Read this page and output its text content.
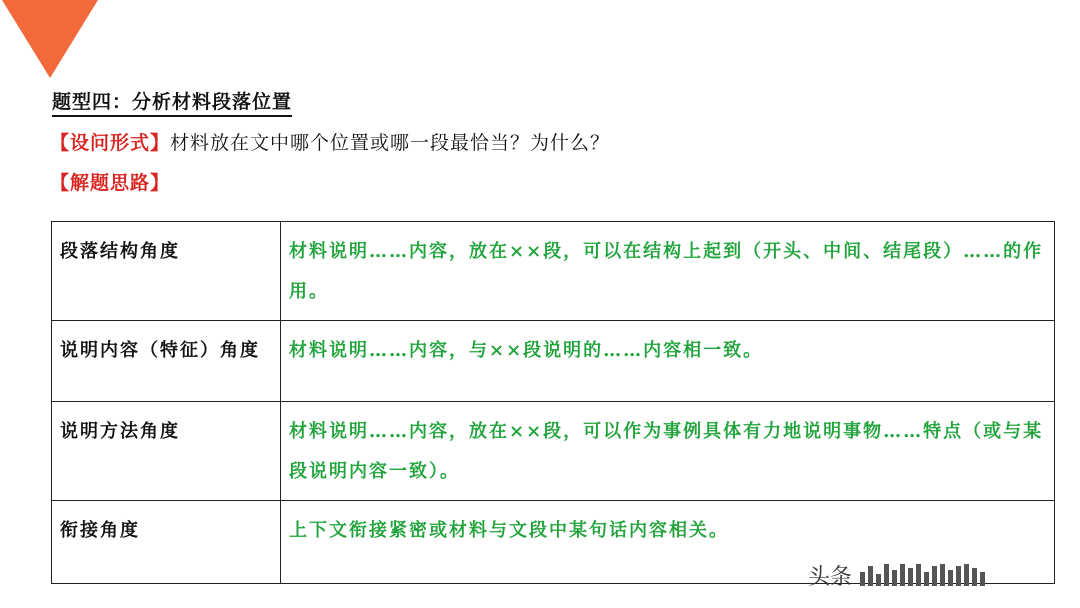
题型四：分析材料段落位置
【设问形式】材料放在文中哪个位置或哪一段最恰当？为什么？
【解题思路】
段落结构角度	材料说明……内容，放在××段，可以在结构上起到（开头、中间、结尾段）……的作用。
说明内容（特征）角度	材料说明……内容，与××段说明的……内容相一致。
说明方法角度	材料说明……内容，放在××段，可以作为事例具体有力地说明事物……特点（或与某段说明内容一致）。
衔接角度	上下文衔接紧密或材料与文段中某句话内容相关。
头条
